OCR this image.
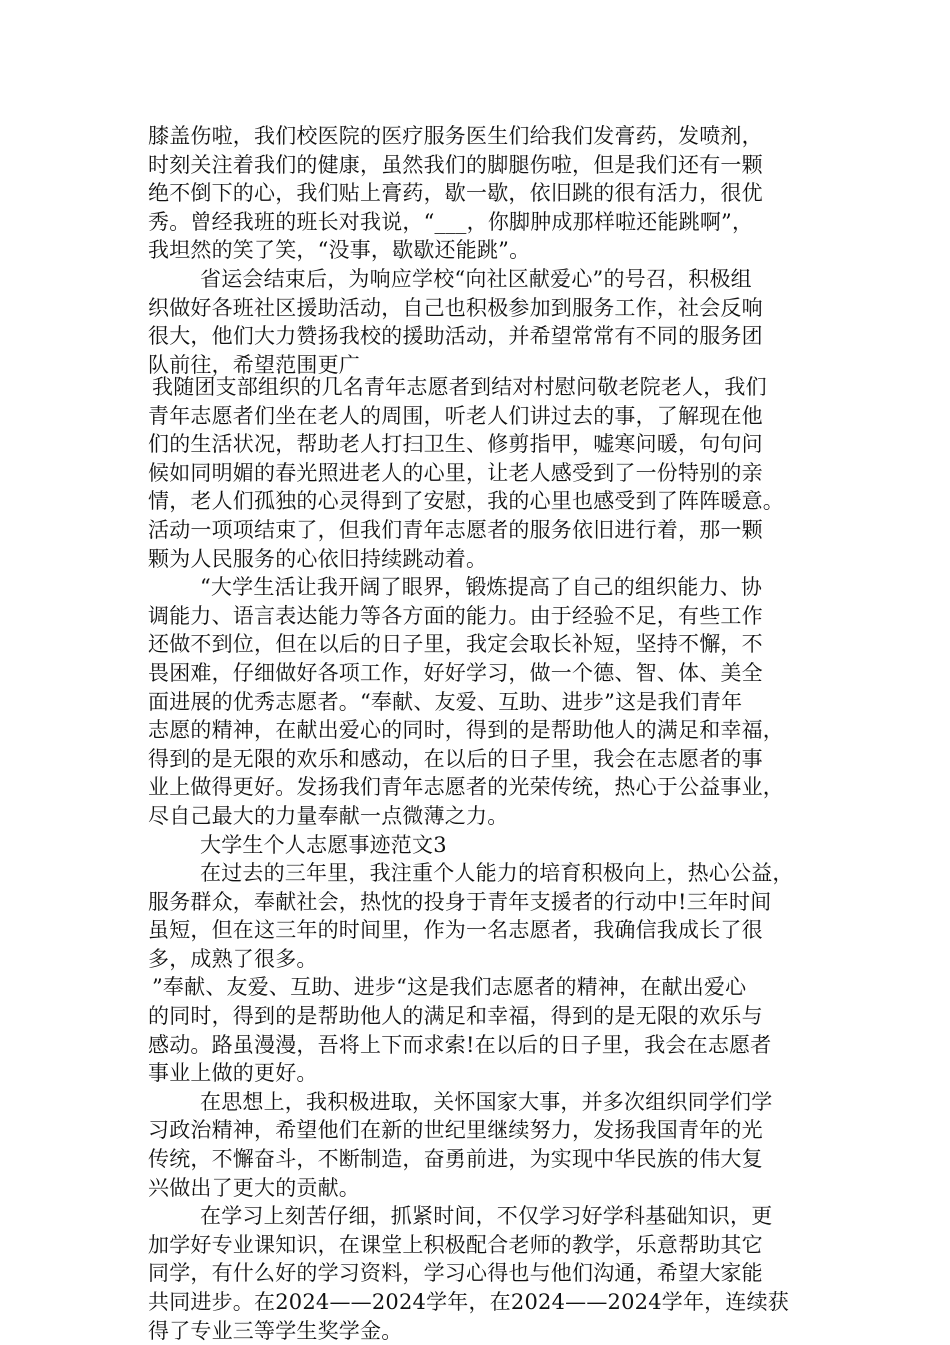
膝盖伤啦，我们校医院的医疗服务医生们给我们发膏药，发喷剂，
时刻关注着我们的健康，虽然我们的脚腿伤啦，但是我们还有一颗
绝不倒下的心，我们贴上膏药，歇一歇，依旧跳的很有活力，很优
秀。曾经我班的班长对我说，“___，你脚肿成那样啦还能跳啊”，
我坦然的笑了笑，“没事，歇歇还能跳”。
省运会结束后，为响应学校“向社区献爱心”的号召，积极组
织做好各班社区援助活动，自己也积极参加到服务工作，社会反响
很大，他们大力赞扬我校的援助活动，并希望常常有不同的服务团
队前往，希望范围更广
我随团支部组织的几名青年志愿者到结对村慰问敬老院老人，我们
青年志愿者们坐在老人的周围，听老人们讲过去的事，了解现在他
们的生活状况，帮助老人打扫卫生、修剪指甲，嘘寒问暖，句句问
候如同明媚的春光照进老人的心里，让老人感受到了一份特别的亲
情，老人们孤独的心灵得到了安慰，我的心里也感受到了阵阵暖意。
活动一项项结束了，但我们青年志愿者的服务依旧进行着，那一颗
颗为人民服务的心依旧持续跳动着。
“大学生活让我开阔了眼界，锻炼提高了自己的组织能力、协
调能力、语言表达能力等各方面的能力。由于经验不足，有些工作
还做不到位，但在以后的日子里，我定会取长补短，坚持不懈，不
畏困难，仔细做好各项工作，好好学习，做一个德、智、体、美全
面进展的优秀志愿者。“奉献、友爱、互助、进步”这是我们青年
志愿的精神，在献出爱心的同时，得到的是帮助他人的满足和幸福，
得到的是无限的欢乐和感动，在以后的日子里，我会在志愿者的事
业上做得更好。发扬我们青年志愿者的光荣传统，热心于公益事业，
尽自己最大的力量奉献一点微薄之力。
大学生个人志愿事迹范文3
在过去的三年里，我注重个人能力的培育积极向上，热心公益，
服务群众，奉献社会，热忱的投身于青年支援者的行动中!三年时间
虽短，但在这三年的时间里，作为一名志愿者，我确信我成长了很
多，成熟了很多。
”奉献、友爱、互助、进步“这是我们志愿者的精神，在献出爱心
的同时，得到的是帮助他人的满足和幸福，得到的是无限的欢乐与
感动。路虽漫漫，吾将上下而求索!在以后的日子里，我会在志愿者
事业上做的更好。
在思想上，我积极进取，关怀国家大事，并多次组织同学们学
习政治精神，希望他们在新的世纪里继续努力，发扬我国青年的光
传统，不懈奋斗，不断制造，奋勇前进，为实现中华民族的伟大复
兴做出了更大的贡献。
在学习上刻苦仔细，抓紧时间，不仅学习好学科基础知识，更
加学好专业课知识，在课堂上积极配合老师的教学，乐意帮助其它
同学，有什么好的学习资料，学习心得也与他们沟通，希望大家能
共同进步。在2024——2024学年，在2024——2024学年，连续获
得了专业三等学生奖学金。
